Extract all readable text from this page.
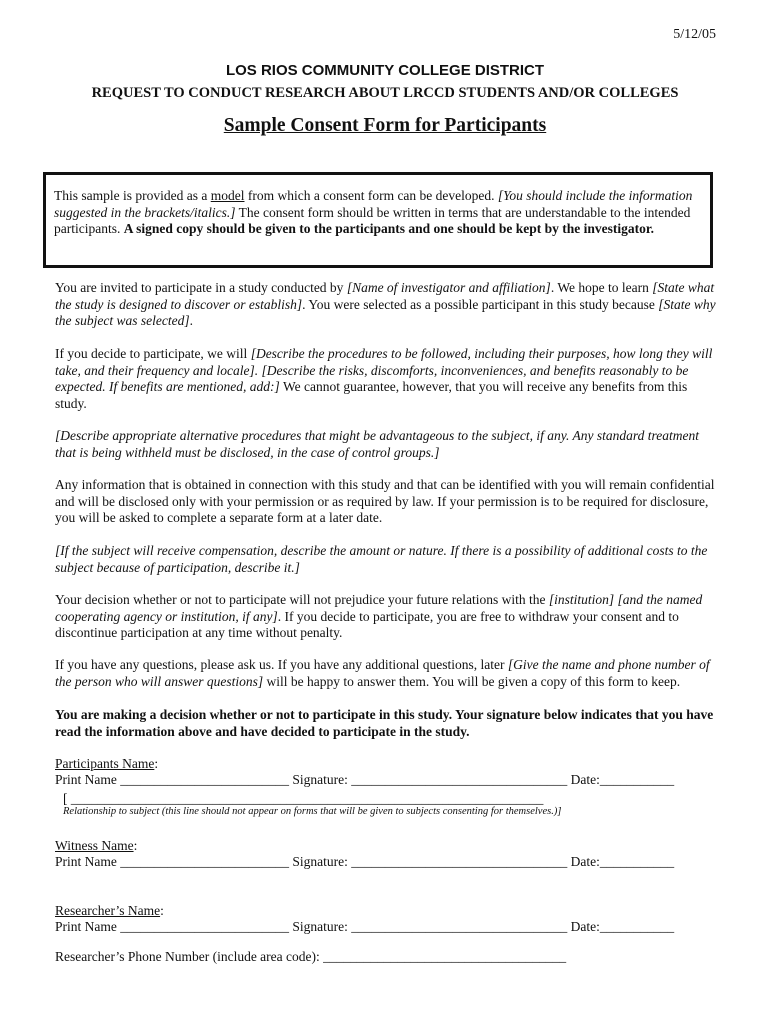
5/12/05
LOS RIOS COMMUNITY COLLEGE DISTRICT
REQUEST TO CONDUCT RESEARCH ABOUT LRCCD STUDENTS AND/OR COLLEGES
Sample Consent Form for Participants
This sample is provided as a model from which a consent form can be developed. [You should include the information suggested in the brackets/italics.] The consent form should be written in terms that are understandable to the intended participants. A signed copy should be given to the participants and one should be kept by the investigator.
You are invited to participate in a study conducted by [Name of investigator and affiliation]. We hope to learn [State what the study is designed to discover or establish]. You were selected as a possible participant in this study because [State why the subject was selected].
If you decide to participate, we will [Describe the procedures to be followed, including their purposes, how long they will take, and their frequency and locale]. [Describe the risks, discomforts, inconveniences, and benefits reasonably to be expected. If benefits are mentioned, add:] We cannot guarantee, however, that you will receive any benefits from this study.
[Describe appropriate alternative procedures that might be advantageous to the subject, if any. Any standard treatment that is being withheld must be disclosed, in the case of control groups.]
Any information that is obtained in connection with this study and that can be identified with you will remain confidential and will be disclosed only with your permission or as required by law. If your permission is to be required for disclosure, you will be asked to complete a separate form at a later date.
[If the subject will receive compensation, describe the amount or nature. If there is a possibility of additional costs to the subject because of participation, describe it.]
Your decision whether or not to participate will not prejudice your future relations with the [institution] [and the named cooperating agency or institution, if any]. If you decide to participate, you are free to withdraw your consent and to discontinue participation at any time without penalty.
If you have any questions, please ask us. If you have any additional questions, later [Give the name and phone number of the person who will answer questions] will be happy to answer them. You will be given a copy of this form to keep.
You are making a decision whether or not to participate in this study. Your signature below indicates that you have read the information above and have decided to participate in the study.
Participants Name:
Print Name _________________________ Signature: ________________________________ Date:___________
[ ______________________________________________________________________
Relationship to subject (this line should not appear on forms that will be given to subjects consenting for themselves.)]
Witness Name:
Print Name _________________________ Signature: ________________________________ Date:___________
Researcher’s Name:
Print Name _________________________ Signature: ________________________________ Date:___________
Researcher’s Phone Number (include area code): ____________________________________
